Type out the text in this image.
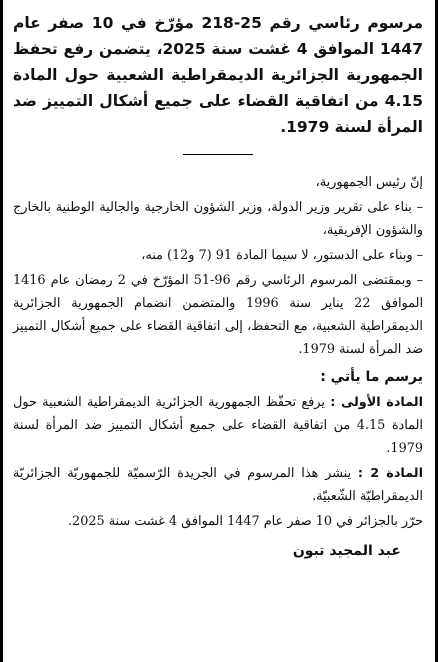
مرسوم رئاسي رقم 25-218 مؤرّخ في 10 صفر عام 1447 الموافق 4 غشت سنة 2025، يتضمن رفع تحفظ الجمهورية الجزائرية الديمقراطية الشعبية حول المادة 4.15 من اتفاقية القضاء على جميع أشكال التمييز ضد المرأة لسنة 1979.

إنّ رئيس الجمهورية،

– بناء على تقرير وزير الدولة، وزير الشؤون الخارجية والجالية الوطنية بالخارج والشؤون الإفريقية،

– وبناء على الدستور، لا سيما المادة 91 (7 و12) منه،

– وبمقتضى المرسوم الرئاسي رقم 96-51 المؤرّخ في 2 رمضان عام 1416 الموافق 22 يناير سنة 1996 والمتضمن انضمام الجمهورية الجزائرية الديمقراطية الشعبية، مع التحفظ، إلى اتفاقية القضاء على جميع أشكال التمييز ضد المرأة لسنة 1979.

يرسم ما يأتي :

المادة الأولى : يرفع تحفّظ الجمهورية الجزائرية الديمقراطية الشعبية حول المادة 4.15 من اتفاقية القضاء على جميع أشكال التمييز ضد المرأة لسنة 1979.

المادة 2 : ينشر هذا المرسوم في الجريدة الرّسميّة للجمهوريّة الجزائريّة الديمقراطيّة الشّعبيّة.

حرّر بالجزائر في 10 صفر عام 1447 الموافق 4 غشت سنة 2025.

عبد المجيد تبون
